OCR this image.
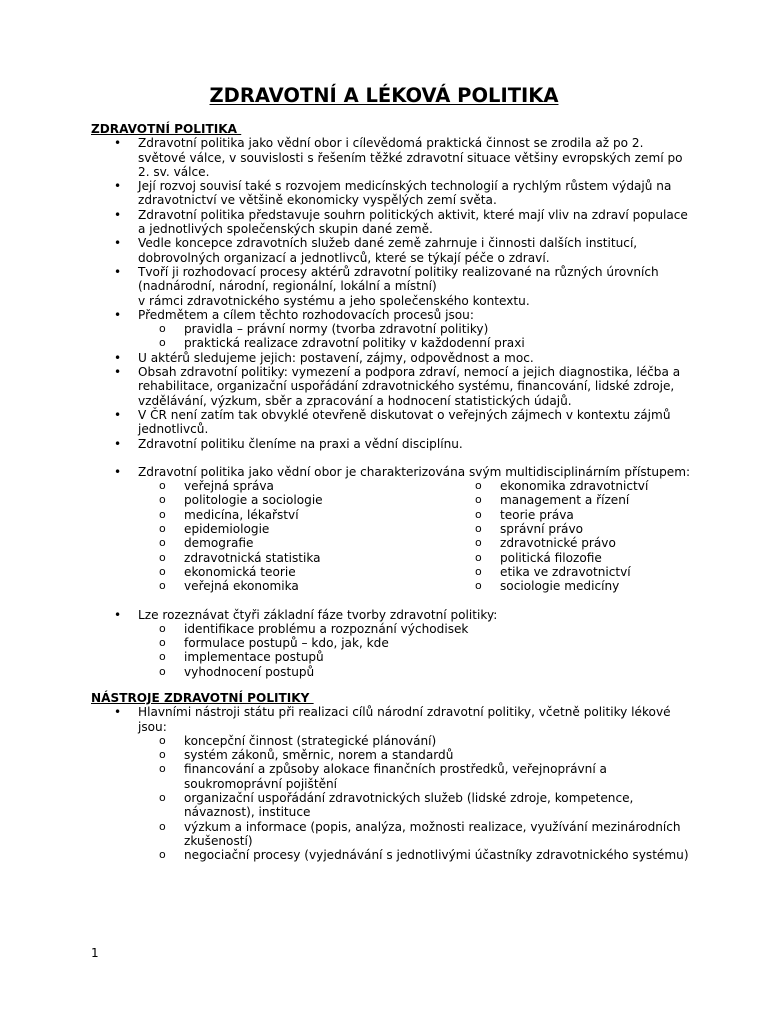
ZDRAVOTNÍ A LÉKOVÁ POLITIKA
ZDRAVOTNÍ POLITIKA
• Zdravotní politika jako vědní obor i cílevědomá praktická činnost se zrodila až po 2. světové válce, v souvislosti s řešením těžké zdravotní situace většiny evropských zemí po 2. sv. válce.
• Její rozvoj souvisí také s rozvojem medicínských technologií a rychlým růstem výdajů na zdravotnictví ve většině ekonomicky vyspělých zemí světa.
• Zdravotní politika představuje souhrn politických aktivit, které mají vliv na zdraví populace a jednotlivých společenských skupin dané země.
• Vedle koncepce zdravotních služeb dané země zahrnuje i činnosti dalších institucí, dobrovolných organizací a jednotlivců, které se týkají péče o zdraví.
• Tvoří ji rozhodovací procesy aktérů zdravotní politiky realizované na různých úrovních (nadnárodní, národní, regionální, lokální a místní)
v rámci zdravotnického systému a jeho společenského kontextu.
• Předmětem a cílem těchto rozhodovacích procesů jsou:
o pravidla – právní normy (tvorba zdravotní politiky)
o praktická realizace zdravotní politiky v každodenní praxi
• U aktérů sledujeme jejich: postavení, zájmy, odpovědnost a moc.
• Obsah zdravotní politiky: vymezení a podpora zdraví, nemocí a jejich diagnostika, léčba a rehabilitace, organizační uspořádání zdravotnického systému, financování, lidské zdroje, vzdělávání, výzkum, sběr a zpracování a hodnocení statistických údajů.
• V ČR není zatím tak obvyklé otevřeně diskutovat o veřejných zájmech v kontextu zájmů jednotlivců.
• Zdravotní politiku členíme na praxi a vědní disciplínu.
• Zdravotní politika jako vědní obor je charakterizována svým multidisciplinárním přístupem:
o veřejná správa
o politologie a sociologie
o medicína, lékařství
o epidemiologie
o demografie
o zdravotnická statistika
o ekonomická teorie
o veřejná ekonomika
o ekonomika zdravotnictví
o management a řízení
o teorie práva
o správní právo
o zdravotnické právo
o politická filozofie
o etika ve zdravotnictví
o sociologie medicíny
• Lze rozeznávat čtyři základní fáze tvorby zdravotní politiky:
o identifikace problému a rozpoznání východisek
o formulace postupů – kdo, jak, kde
o implementace postupů
o vyhodnocení postupů
NÁSTROJE ZDRAVOTNÍ POLITIKY
• Hlavními nástroji státu při realizaci cílů národní zdravotní politiky, včetně politiky lékové jsou:
o koncepční činnost (strategické plánování)
o systém zákonů, směrnic, norem a standardů
o financování a způsoby alokace finančních prostředků, veřejnoprávní a soukromoprávní pojištění
o organizační uspořádání zdravotnických služeb (lidské zdroje, kompetence, návaznost), instituce
o výzkum a informace (popis, analýza, možnosti realizace, využívání mezinárodních zkušeností)
o negociační procesy (vyjednávání s jednotlivými účastníky zdravotnického systému)
1
